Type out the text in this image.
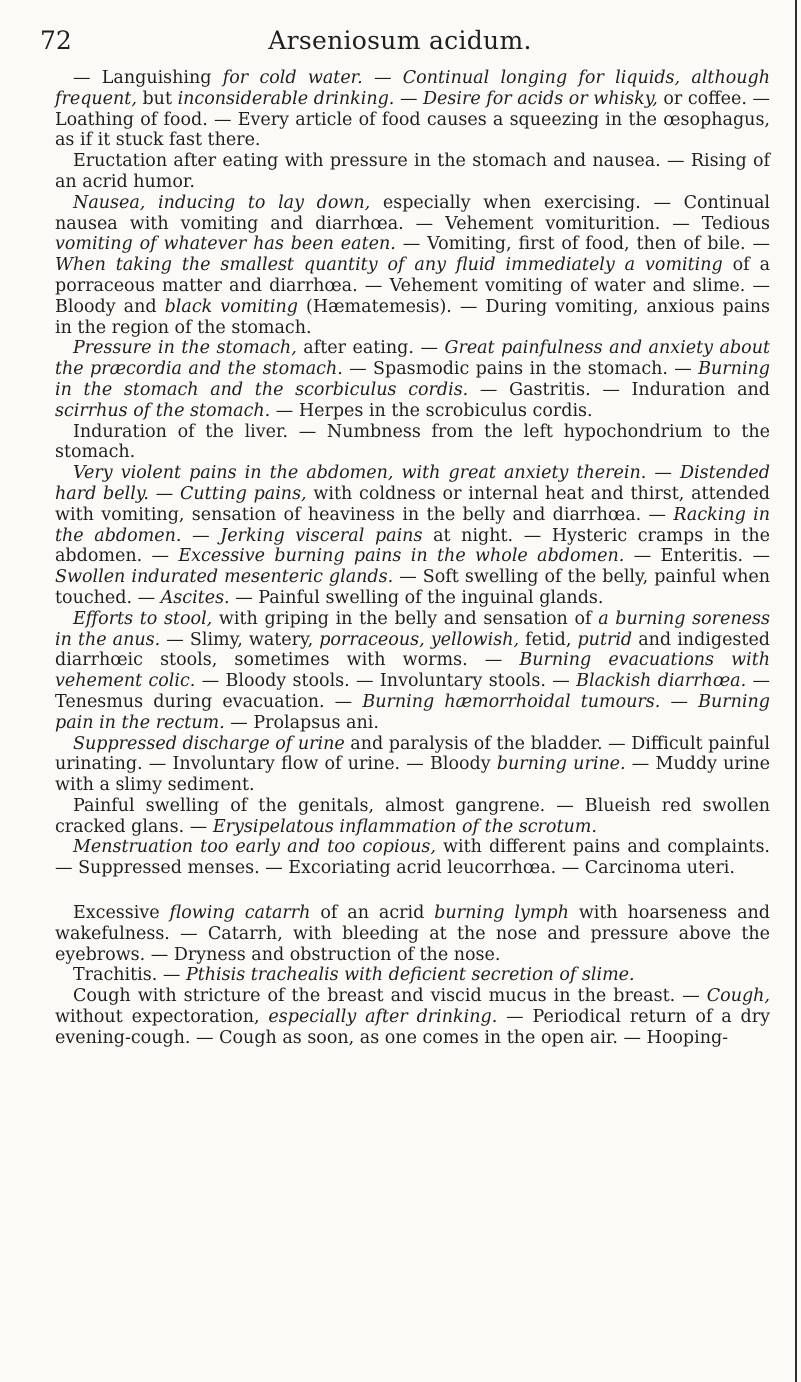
72	Arseniosum acidum.

— Languishing for cold water. — Continual longing for liquids, although frequent, but inconsiderable drinking. — Desire for acids or whisky, or coffee. — Loathing of food. — Every article of food causes a squeezing in the œsophagus, as if it stuck fast there.

Eructation after eating with pressure in the stomach and nausea. — Rising of an acrid humor.

Nausea, inducing to lay down, especially when exercising. — Continual nausea with vomiting and diarrhœa. — Vehement vomiturition. — Tedious vomiting of whatever has been eaten. — Vomiting, first of food, then of bile. — When taking the smallest quantity of any fluid immediately a vomiting of a porraceous matter and diarrhœa. — Vehement vomiting of water and slime. — Bloody and black vomiting (Hæmatemesis). — During vomiting, anxious pains in the region of the stomach.

Pressure in the stomach, after eating. — Great painfulness and anxiety about the præcordia and the stomach. — Spasmodic pains in the stomach. — Burning in the stomach and the scorbiculus cordis. — Gastritis. — Induration and scirrhus of the stomach. — Herpes in the scrobiculus cordis.

Induration of the liver. — Numbness from the left hypochondrium to the stomach.

Very violent pains in the abdomen, with great anxiety therein. — Distended hard belly. — Cutting pains, with coldness or internal heat and thirst, attended with vomiting, sensation of heaviness in the belly and diarrhœa. — Racking in the abdomen. — Jerking visceral pains at night. — Hysteric cramps in the abdomen. — Excessive burning pains in the whole abdomen. — Enteritis. — Swollen indurated mesenteric glands. — Soft swelling of the belly, painful when touched. — Ascites. — Painful swelling of the inguinal glands.

Efforts to stool, with griping in the belly and sensation of a burning soreness in the anus. — Slimy, watery, porraceous, yellowish, fetid, putrid and indigested diarrhœic stools, sometimes with worms. — Burning evacuations with vehement colic. — Bloody stools. — Involuntary stools. — Blackish diarrhœa. — Tenesmus during evacuation. — Burning hæmorrhoidal tumours. — Burning pain in the rectum. — Prolapsus ani.

Suppressed discharge of urine and paralysis of the bladder. — Difficult painful urinating. — Involuntary flow of urine. — Bloody burning urine. — Muddy urine with a slimy sediment.

Painful swelling of the genitals, almost gangrene. — Blueish red swollen cracked glans. — Erysipelatous inflammation of the scrotum.

Menstruation too early and too copious, with different pains and complaints. — Suppressed menses. — Excoriating acrid leucorrhœa. — Carcinoma uteri.

Excessive flowing catarrh of an acrid burning lymph with hoarseness and wakefulness. — Catarrh, with bleeding at the nose and pressure above the eyebrows. — Dryness and obstruction of the nose.

Trachitis. — Pthisis trachealis with deficient secretion of slime.

Cough with stricture of the breast and viscid mucus in the breast. — Cough, without expectoration, especially after drinking. — Periodical return of a dry evening-cough. — Cough as soon, as one comes in the open air. — Hooping-
